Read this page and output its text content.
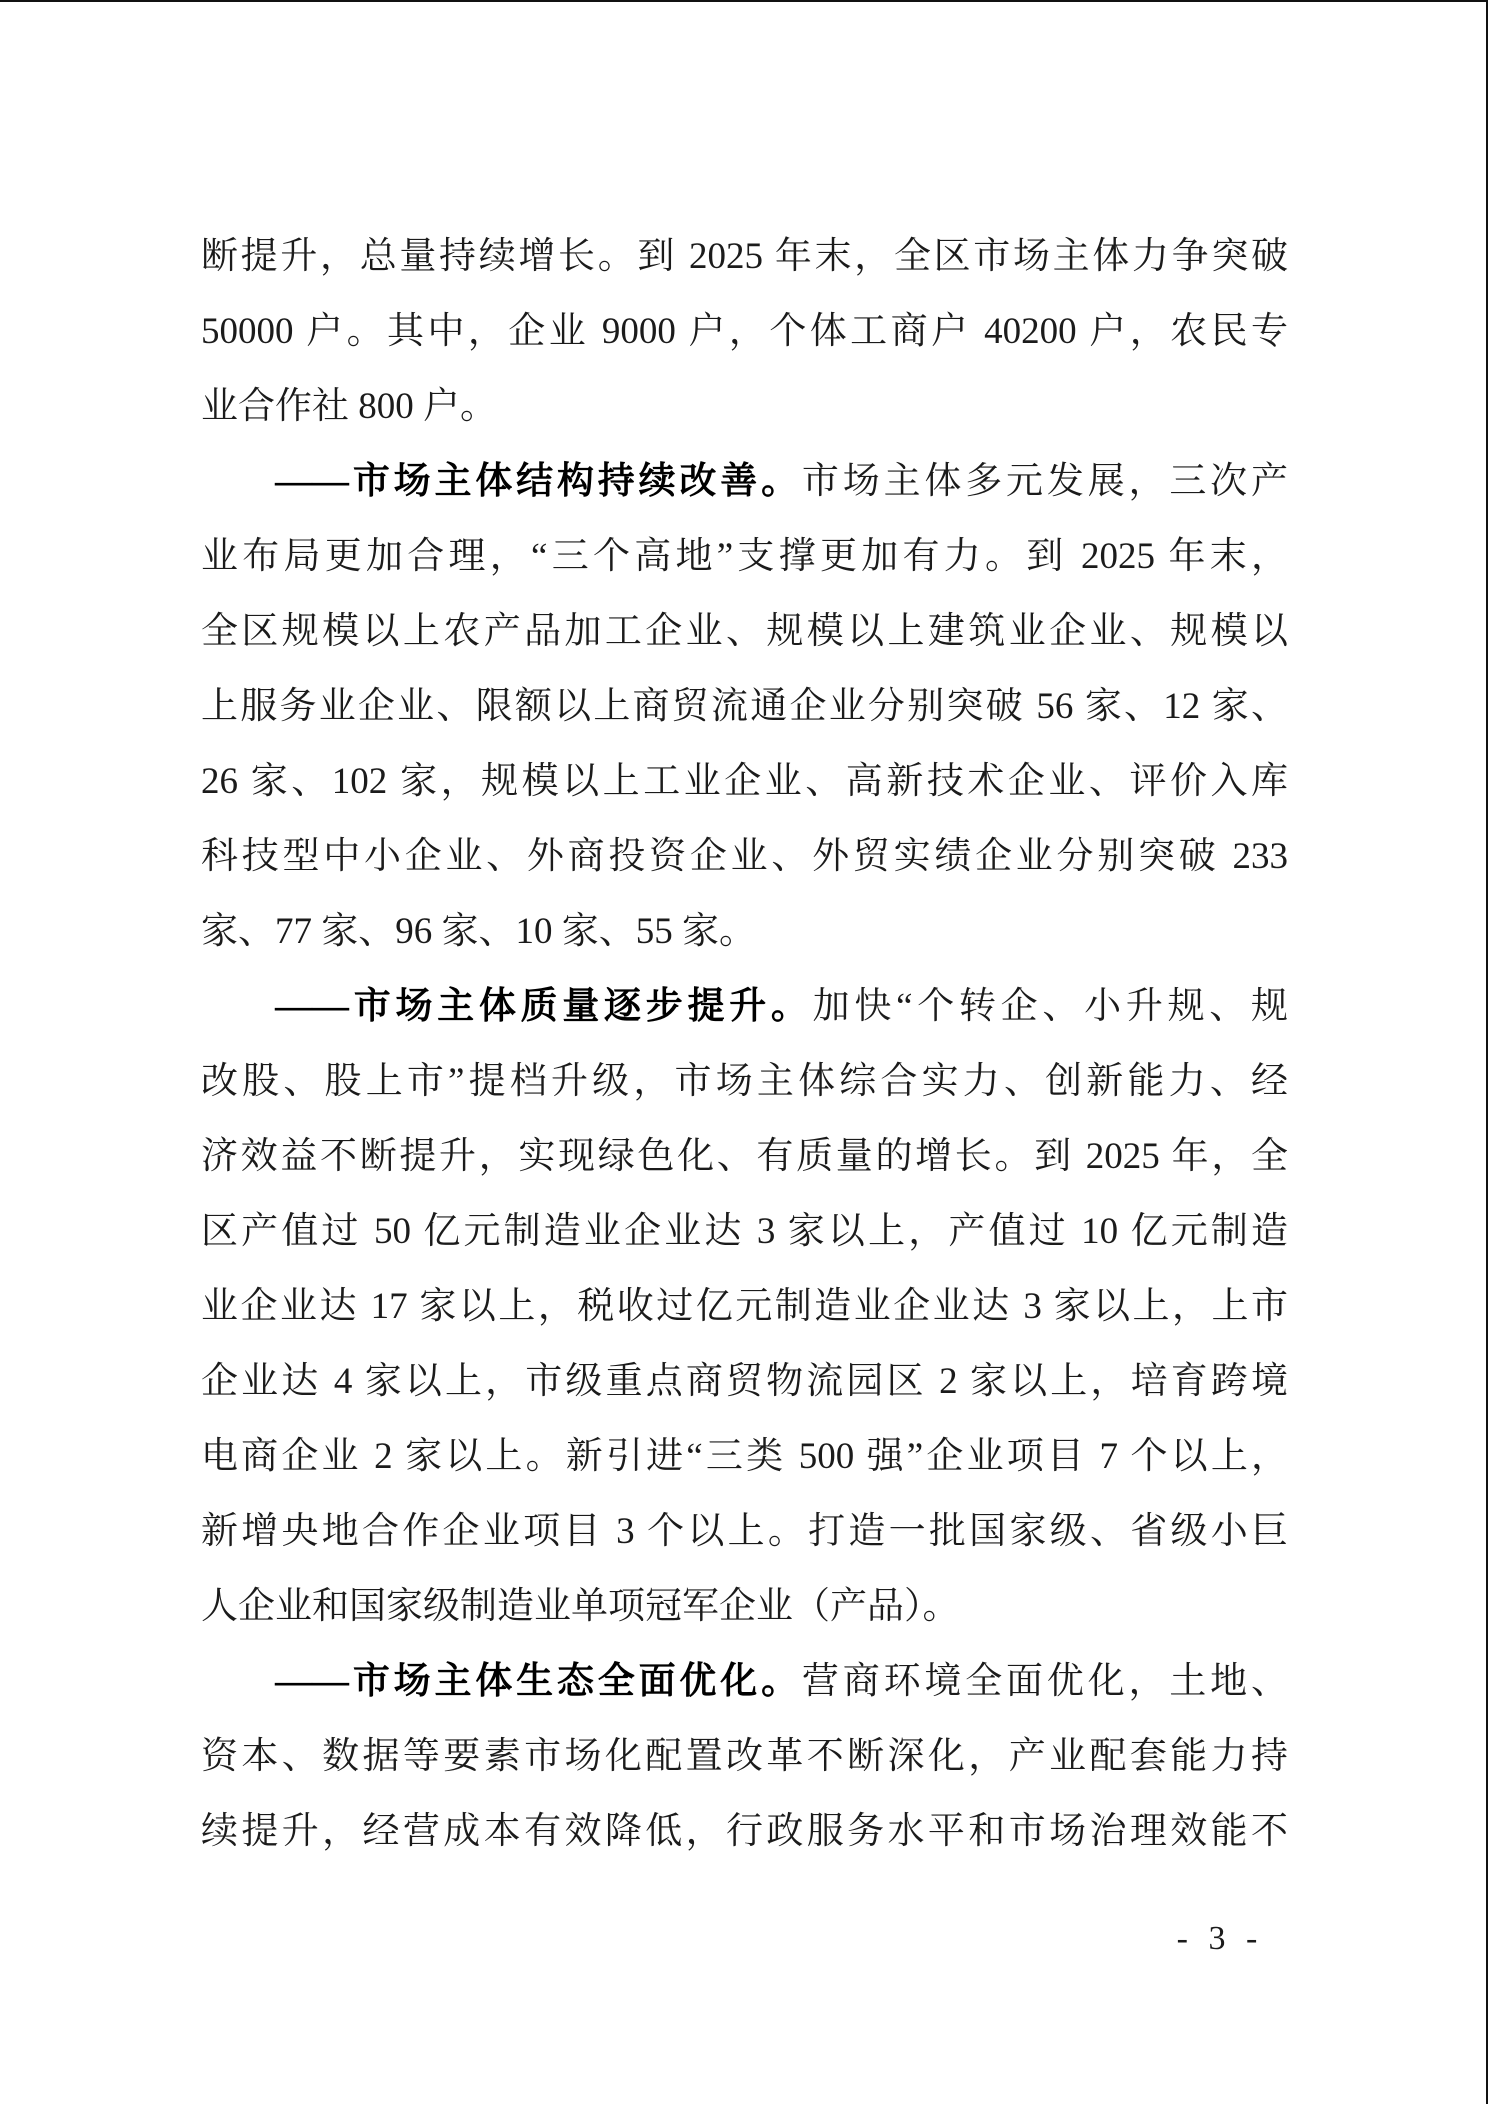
断提升，总量持续增长。到 2025 年末，全区市场主体力争突破
50000 户。其中，企业 9000 户，个体工商户 40200 户，农民专
业合作社 800 户。
——市场主体结构持续改善。市场主体多元发展，三次产
业布局更加合理，“三个高地”支撑更加有力。到 2025 年末，
全区规模以上农产品加工企业、规模以上建筑业企业、规模以
上服务业企业、限额以上商贸流通企业分别突破 56 家、12 家、
26 家、102 家，规模以上工业企业、高新技术企业、评价入库
科技型中小企业、外商投资企业、外贸实绩企业分别突破 233
家、77 家、96 家、10 家、55 家。
——市场主体质量逐步提升。加快“个转企、小升规、规
改股、股上市”提档升级，市场主体综合实力、创新能力、经
济效益不断提升，实现绿色化、有质量的增长。到 2025 年，全
区产值过 50 亿元制造业企业达 3 家以上，产值过 10 亿元制造
业企业达 17 家以上，税收过亿元制造业企业达 3 家以上，上市
企业达 4 家以上，市级重点商贸物流园区 2 家以上，培育跨境
电商企业 2 家以上。新引进“三类 500 强”企业项目 7 个以上，
新增央地合作企业项目 3 个以上。打造一批国家级、省级小巨
人企业和国家级制造业单项冠军企业（产品）。
——市场主体生态全面优化。营商环境全面优化，土地、
资本、数据等要素市场化配置改革不断深化，产业配套能力持
续提升，经营成本有效降低，行政服务水平和市场治理效能不
- 3 -
